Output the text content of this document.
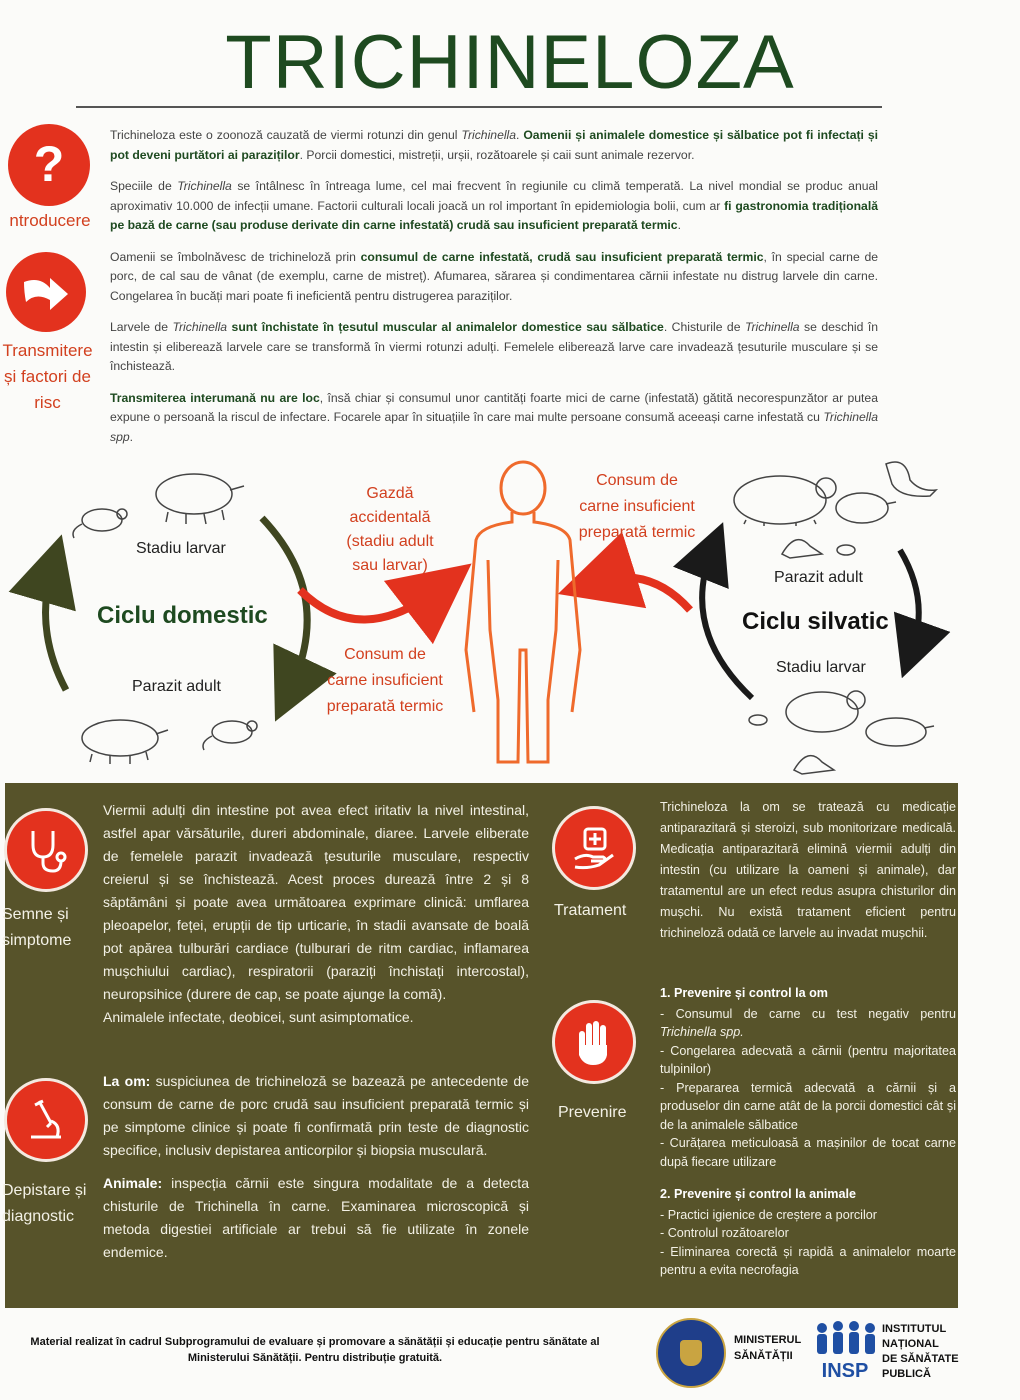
TRICHINELOZA
?
ntroducere
Transmitere
și factori de
risc

Trichineloza este o zoonoză cauzată de viermi rotunzi din genul Trichinella. Oamenii și animalele domestice și sălbatice pot fi infectați și pot deveni purtători ai paraziților. Porcii domestici, mistreții, urșii, rozătoarele și caii sunt animale rezervor.

Speciile de Trichinella se întâlnesc în întreaga lume, cel mai frecvent în regiunile cu climă temperată. La nivel mondial se produc anual aproximativ 10.000 de infecții umane. Factorii culturali locali joacă un rol important în epidemiologia bolii, cum ar fi gastronomia tradițională pe bază de carne (sau produse derivate din carne infestată) crudă sau insuficient preparată termic.

Oamenii se îmbolnăvesc de trichineloză prin consumul de carne infestată, crudă sau insuficient preparată termic, în special carne de porc, de cal sau de vânat (de exemplu, carne de mistreț). Afumarea, sărarea și condimentarea cărnii infestate nu distrug larvele din carne. Congelarea în bucăți mari poate fi ineficientă pentru distrugerea paraziților.

Larvele de Trichinella sunt închistate în țesutul muscular al animalelor domestice sau sălbatice. Chisturile de Trichinella se deschid în intestin și eliberează larvele care se transformă în viermi rotunzi adulți. Femelele eliberează larve care invadează țesuturile musculare și se închistează.

Transmiterea interumană nu are loc, însă chiar și consumul unor cantități foarte mici de carne (infestată) gătită necorespunzător ar putea expune o persoană la riscul de infectare. Focarele apar în situațiile în care mai multe persoane consumă aceeași carne infestată cu Trichinella spp.

Stadiu larvar
Ciclu domestic
Parazit adult
Gazdă
accidentală
(stadiu adult
sau larvar)
Consum de
carne insuficient
preparată termic
Consum de
carne insuficient
preparată termic
Parazit adult
Ciclu silvatic
Stadiu larvar
Semne și
simptome
Viermii adulți din intestine pot avea efect iritativ la nivel intestinal, astfel apar vărsăturile, dureri abdominale, diaree. Larvele eliberate de femelele parazit invadează țesuturile musculare, respectiv creierul și se închistează. Acest proces durează între 2 și 8 săptămâni și poate avea următoarea exprimare clinică: umflarea pleoapelor, feței, erupții de tip urticarie, în stadii avansate de boală pot apărea tulburări cardiace (tulburari de ritm cardiac, inflamarea mușchiului cardiac), respiratorii (paraziți închistați intercostal), neuropsihice (durere de cap, se poate ajunge la comă).
Animalele infectate, deobicei, sunt asimptomatice.
Depistare și
diagnostic
La om: suspiciunea de trichineloză se bazează pe antecedente de consum de carne de porc crudă sau insuficient preparată termic și pe simptome clinice și poate fi confirmată prin teste de diagnostic specifice, inclusiv depistarea anticorpilor și biopsia musculară.
Animale: inspecția cărnii este singura modalitate de a detecta chisturile de Trichinella în carne. Examinarea microscopică și metoda digestiei artificiale ar trebui să fie utilizate în zonele endemice.
Tratament
Trichineloza la om se tratează cu medicație antiparazitară și steroizi, sub monitorizare medicală. Medicația antiparazitară elimină viermii adulți din intestin (cu utilizare la oameni și animale), dar tratamentul are un efect redus asupra chisturilor din mușchi. Nu există tratament eficient pentru trichineloză odată ce larvele au invadat mușchii.
Prevenire
1. Prevenire și control la om
- Consumul de carne cu test negativ pentru Trichinella spp.
- Congelarea adecvată a cărnii (pentru majoritatea tulpinilor)
- Prepararea termică adecvată a cărnii și a produselor din carne atât de la porcii domestici cât și de la animalele sălbatice
- Curățarea meticuloasă a mașinilor de tocat carne după fiecare utilizare
2. Prevenire și control la animale
- Practici igienice de creștere a porcilor
- Controlul rozătoarelor
- Eliminarea corectă și rapidă a animalelor moarte pentru a evita necrofagia
Material realizat în cadrul Subprogramului de evaluare și promovare a sănătății și educație pentru sănătate al
Ministerului Sănătății. Pentru distribuție gratuită.
MINISTERUL
SĂNĂTĂȚII
INSP
INSTITUTUL
NAȚIONAL
DE SĂNĂTATE
PUBLICĂ
